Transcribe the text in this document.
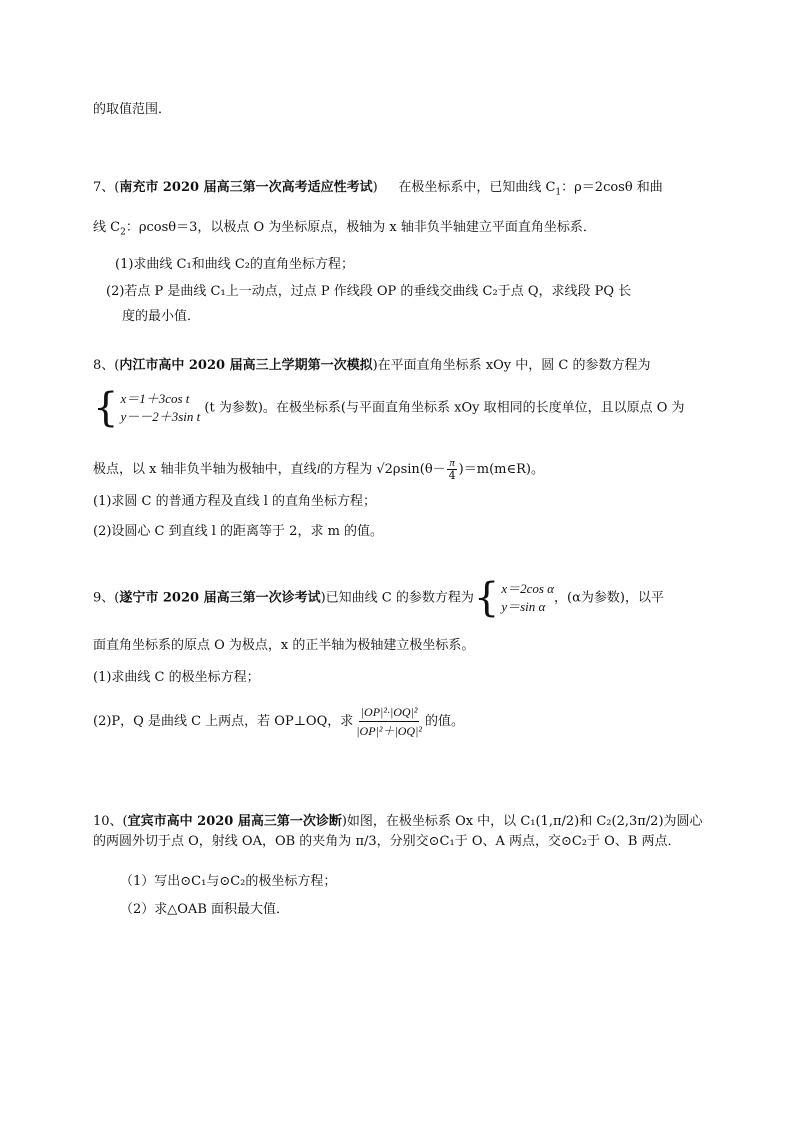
的取值范围．
7、(南充市 2020 届高三第一次高考适应性考试) 在极坐标系中，已知曲线 $C_1$：ρ＝2cosθ 和曲
线 $C_2$：ρcosθ＝3，以极点 O 为坐标原点，极轴为 x 轴非负半轴建立平面直角坐标系．
(1)求曲线 C₁和曲线 C₂的直角坐标方程；
(2)若点 P 是曲线 C₁上一动点，过点 P 作线段 OP 的垂线交曲线 C₂于点 Q，求线段 PQ 长
度的最小值．
8、(内江市高中 2020 届高三上学期第一次模拟)在平面直角坐标系 xOy 中，圆 C 的参数方程为
{ x＝1＋3cos t
y－－2＋3sin t
(t 为参数)。在极坐标系(与平面直角坐标系 xOy 取相同的长度单位，且以原点 O 为
极点，以 x 轴非负半轴为极轴中，直线l的方程为 $√2\rho\sin(\theta- \frac{\pi}{4}$ )＝m(m∈R)。
(1)求圆 C 的普通方程及直线 l 的直角坐标方程；
(2)设圆心 C 到直线 l 的距离等于 2，求 m 的值。
9、(遂宁市 2020 届高三第一次诊考试)已知曲线 C 的参数方程为 { x＝2cos α
y＝sin α
，(α为参数)，以平
面直角坐标系的原点 O 为极点，x 的正半轴为极轴建立极坐标系。
(1)求曲线 C 的极坐标方程；
(2)P，Q 是曲线 C 上两点，若 OP⊥OQ，求 $\frac{\text{|OP|²·|OQ|²}}{\text{|OP|²＋|OQ|²}}$ 的值。
10、(宜宾市高中 2020 届高三第一次诊断)如图，在极坐标系 Ox 中，以 C₁(1,π/2)和 C₂(2,3π/2)为圆心
的两圆外切于点 O，射线 OA，OB 的夹角为 π/3，分别交⊙C₁于 O、A 两点，交⊙C₂于 O、B 两点．
（1）写出⊙C₁与⊙C₂的极坐标方程；
（2）求△OAB 面积最大值．
